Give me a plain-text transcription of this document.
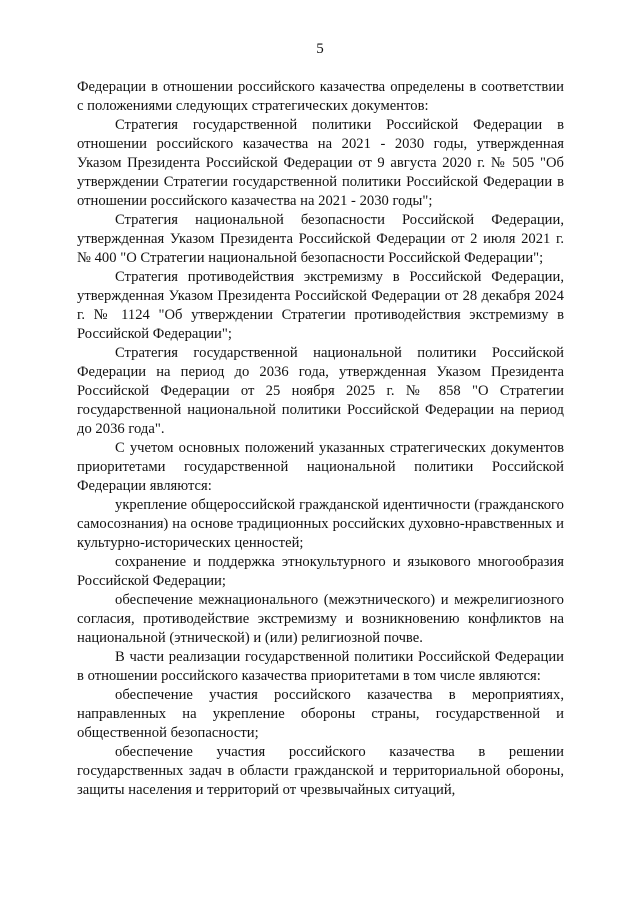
5

Федерации в отношении российского казачества определены в соответствии с положениями следующих стратегических документов:

Стратегия государственной политики Российской Федерации в отношении российского казачества на 2021 - 2030 годы, утвержденная Указом Президента Российской Федерации от 9 августа 2020 г. № 505 "Об утверждении Стратегии государственной политики Российской Федерации в отношении российского казачества на 2021 - 2030 годы";

Стратегия национальной безопасности Российской Федерации, утвержденная Указом Президента Российской Федерации от 2 июля 2021 г. № 400 "О Стратегии национальной безопасности Российской Федерации";

Стратегия противодействия экстремизму в Российской Федерации, утвержденная Указом Президента Российской Федерации от 28 декабря 2024 г. № 1124 "Об утверждении Стратегии противодействия экстремизму в Российской Федерации";

Стратегия государственной национальной политики Российской Федерации на период до 2036 года, утвержденная Указом Президента Российской Федерации от 25 ноября 2025 г. № 858 "О Стратегии государственной национальной политики Российской Федерации на период до 2036 года".

С учетом основных положений указанных стратегических документов приоритетами государственной национальной политики Российской Федерации являются:

укрепление общероссийской гражданской идентичности (гражданского самосознания) на основе традиционных российских духовно-нравственных и культурно-исторических ценностей;

сохранение и поддержка этнокультурного и языкового многообразия Российской Федерации;

обеспечение межнационального (межэтнического) и межрелигиозного согласия, противодействие экстремизму и возникновению конфликтов на национальной (этнической) и (или) религиозной почве.

В части реализации государственной политики Российской Федерации в отношении российского казачества приоритетами в том числе являются:

обеспечение участия российского казачества в мероприятиях, направленных на укрепление обороны страны, государственной и общественной безопасности;

обеспечение участия российского казачества в решении государственных задач в области гражданской и территориальной обороны, защиты населения и территорий от чрезвычайных ситуаций,
